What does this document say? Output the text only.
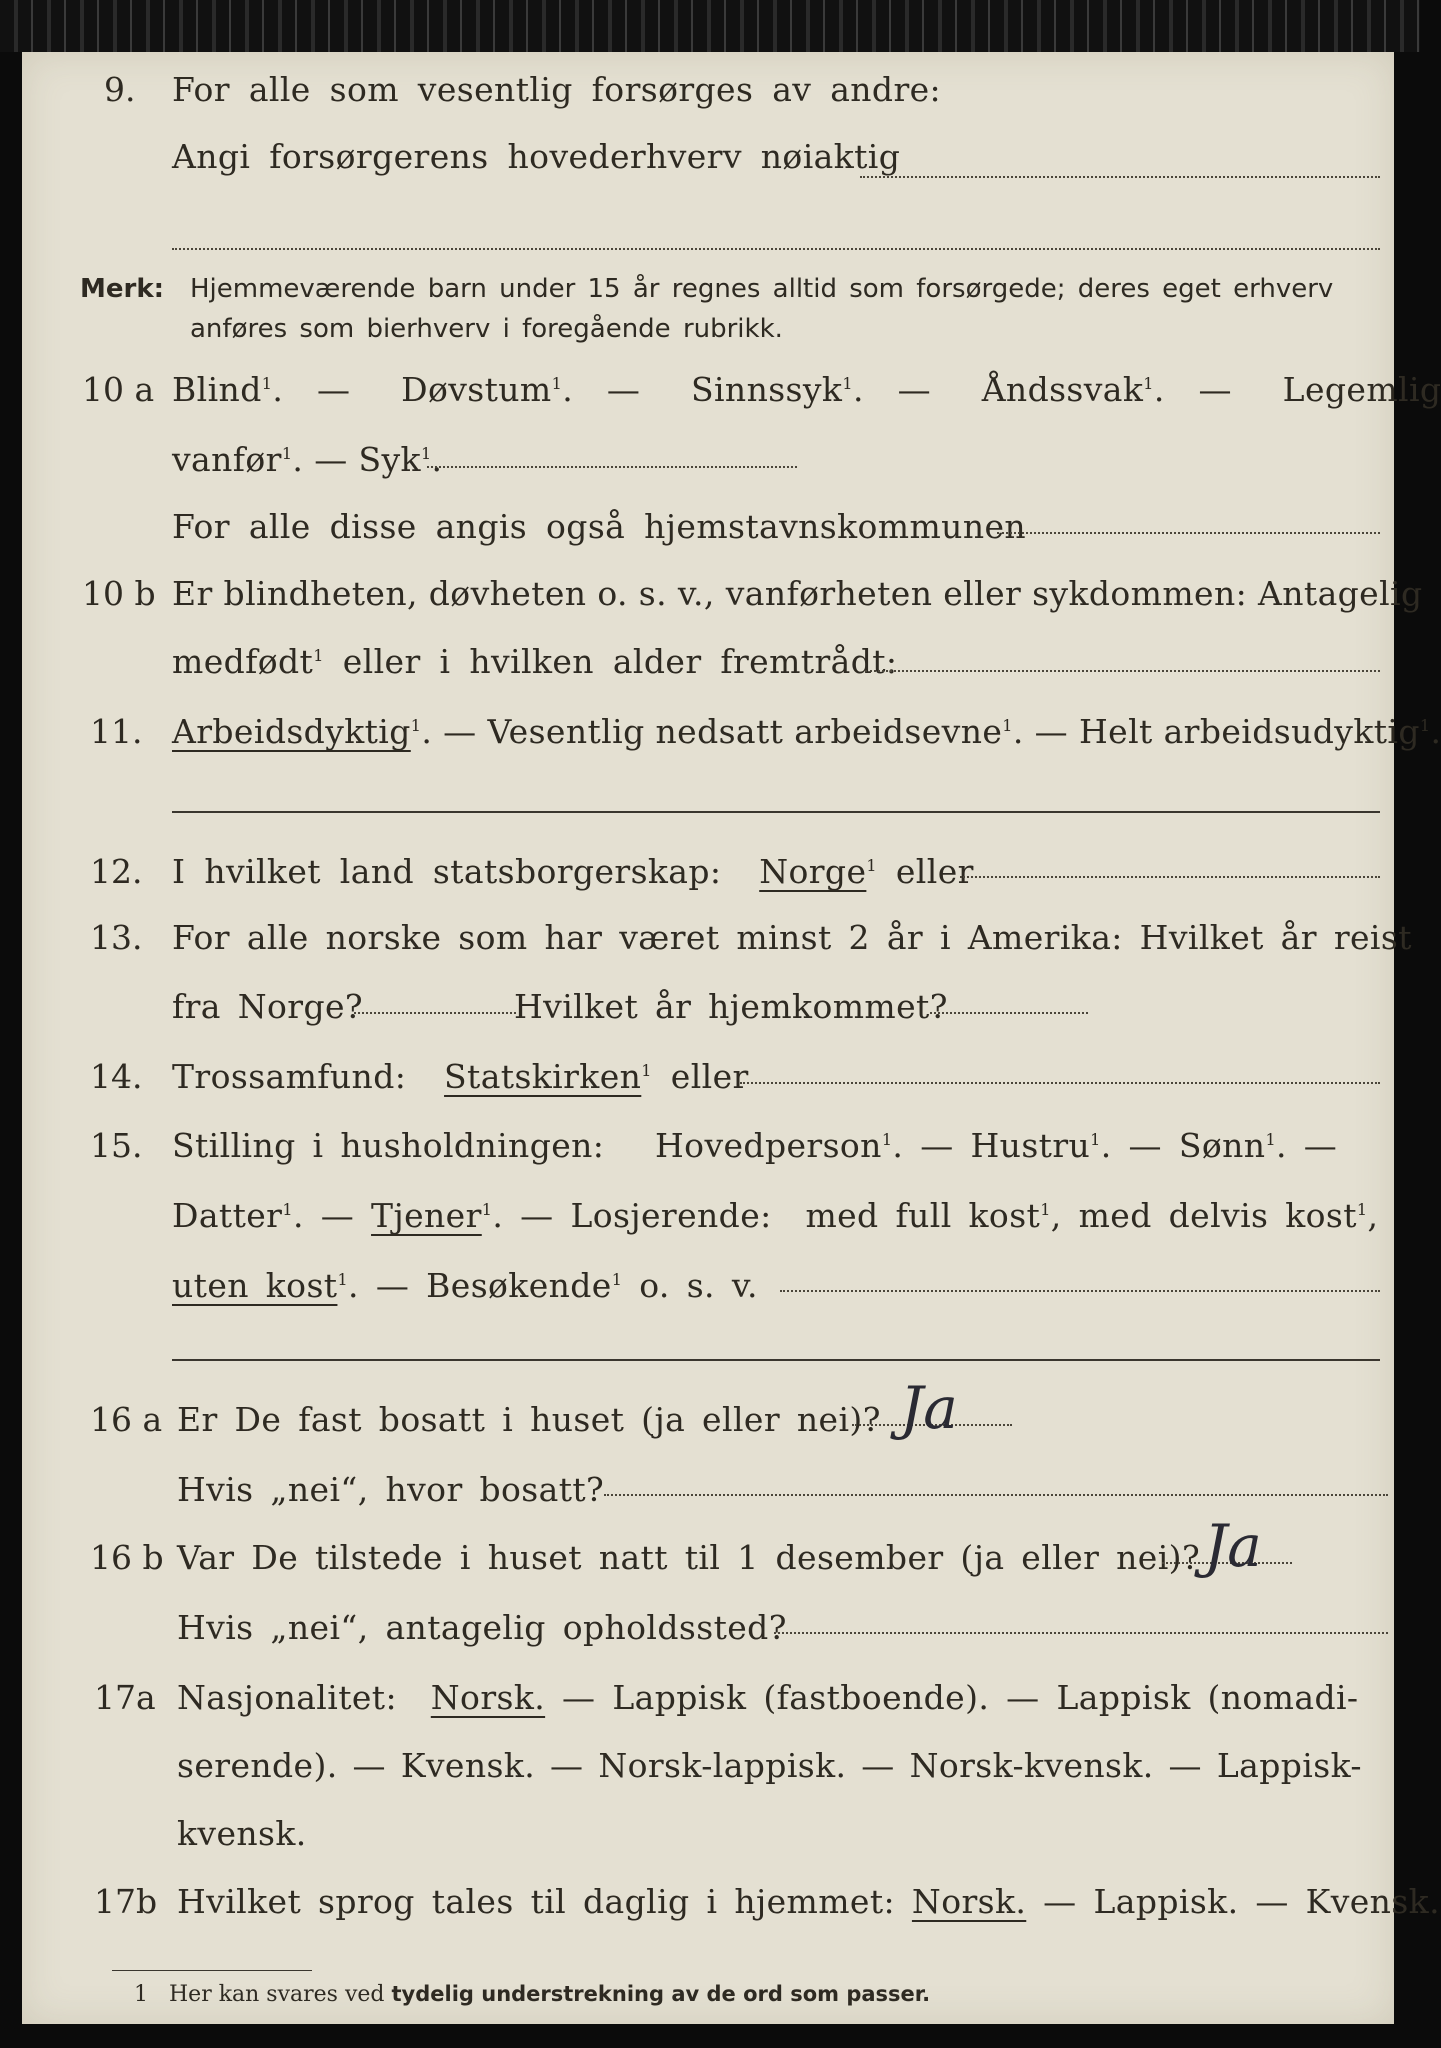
9. For alle som vesentlig forsørges av andre:
Angi forsørgerens hovederhverv nøiaktig
Merk: Hjemmeværende barn under 15 år regnes alltid som forsørgede; deres eget erhverv
anføres som bierhverv i foregående rubrikk.
10 a Blind$^1$.  —   Døvstum$^1$.  —   Sinnssyk$^1$.  —   Åndssvak$^1$.  —   Legemlig
vanfør$^1$. — Syk$^1$.
For alle disse angis også hjemstavnskommunen
10 b Er blindheten, døvheten o. s. v., vanførheten eller sykdommen: Antagelig
medfødt$^1$ eller i hvilken alder fremtrådt:
11. Arbeidsdyktig$^1$. — Vesentlig nedsatt arbeidsevne$^1$. — Helt arbeidsudyktig$^1$.
12. I hvilket land statsborgerskap: Norge$^1$ eller
13. For alle norske som har været minst 2 år i Amerika: Hvilket år reist
fra Norge?	Hvilket år hjemkommet?
14. Trossamfund: Statskirken$^1$ eller
15. Stilling i husholdningen: Hovedperson$^1$. — Hustru$^1$. — Sønn$^1$. —
Datter$^1$. — Tjener$^1$. — Losjerende: med full kost$^1$, med delvis kost$^1$,
uten kost$^1$. — Besøkende$^1$ o. s. v.
16 a Er De fast bosatt i huset (ja eller nei)? Ja
Hvis „nei“, hvor bosatt?
16 b Var De tilstede i huset natt til 1 desember (ja eller nei)? Ja
Hvis „nei“, antagelig opholdssted?
17a Nasjonalitet: Norsk. — Lappisk (fastboende). — Lappisk (nomadi-
serende). — Kvensk. — Norsk-lappisk. — Norsk-kvensk. — Lappisk-
kvensk.
17b Hvilket sprog tales til daglig i hjemmet: Norsk. — Lappisk. — Kvensk.
1 Her kan svares ved tydelig understrekning av de ord som passer.
